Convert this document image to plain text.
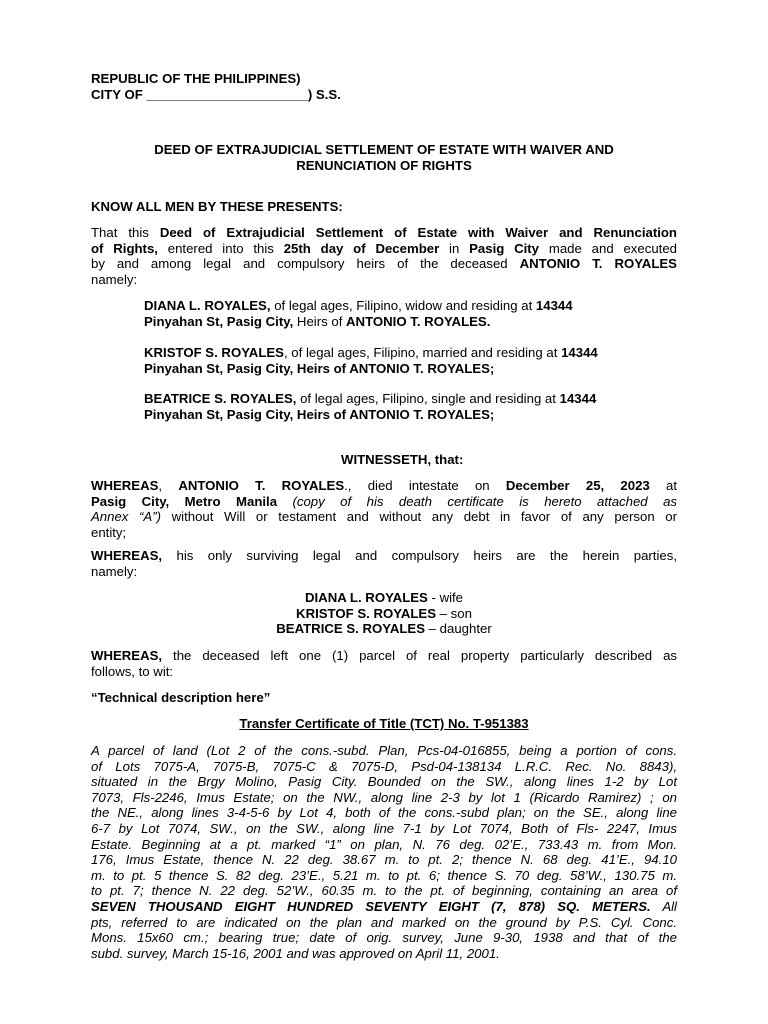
REPUBLIC OF THE PHILIPPINES)
CITY OF ______________________) S.S.
DEED OF EXTRAJUDICIAL SETTLEMENT OF ESTATE WITH WAIVER AND
RENUNCIATION OF RIGHTS
KNOW ALL MEN BY THESE PRESENTS:
That this Deed of Extrajudicial Settlement of Estate with Waiver and Renunciation
of Rights, entered into this 25th day of December in Pasig City made and executed
by and among legal and compulsory heirs of the deceased ANTONIO T. ROYALES
namely:
DIANA L. ROYALES, of legal ages, Filipino, widow and residing at 14344
Pinyahan St, Pasig City, Heirs of ANTONIO T. ROYALES.
KRISTOF S. ROYALES, of legal ages, Filipino, married and residing at 14344
Pinyahan St, Pasig City, Heirs of ANTONIO T. ROYALES;
BEATRICE S. ROYALES, of legal ages, Filipino, single and residing at 14344
Pinyahan St, Pasig City, Heirs of ANTONIO T. ROYALES;
WITNESSETH, that:
WHEREAS, ANTONIO T. ROYALES., died intestate on December 25, 2023 at
Pasig City, Metro Manila (copy of his death certificate is hereto attached as
Annex “A”) without Will or testament and without any debt in favor of any person or
entity;
WHEREAS, his only surviving legal and compulsory heirs are the herein parties,
namely:
DIANA L. ROYALES - wife
KRISTOF S. ROYALES – son
BEATRICE S. ROYALES – daughter
WHEREAS, the deceased left one (1) parcel of real property particularly described as
follows, to wit:
“Technical description here”
Transfer Certificate of Title (TCT) No. T-951383
A parcel of land (Lot 2 of the cons.-subd. Plan, Pcs-04-016855, being a portion of cons.
of Lots 7075-A, 7075-B, 7075-C & 7075-D, Psd-04-138134 L.R.C. Rec. No. 8843),
situated in the Brgy Molino, Pasig City. Bounded on the SW., along lines 1-2 by Lot
7073, Fls-2246, Imus Estate; on the NW., along line 2-3 by lot 1 (Ricardo Ramirez) ; on
the NE., along lines 3-4-5-6 by Lot 4, both of the cons.-subd plan; on the SE., along line
6-7 by Lot 7074, SW., on the SW., along line 7-1 by Lot 7074, Both of Fls- 2247, Imus
Estate. Beginning at a pt. marked “1” on plan, N. 76 deg. 02’E., 733.43 m. from Mon.
176, Imus Estate, thence N. 22 deg. 38.67 m. to pt. 2; thence N. 68 deg. 41’E., 94.10
m. to pt. 5 thence S. 82 deg. 23’E., 5.21 m. to pt. 6; thence S. 70 deg. 58’W., 130.75 m.
to pt. 7; thence N. 22 deg. 52’W., 60.35 m. to the pt. of beginning, containing an area of
SEVEN THOUSAND EIGHT HUNDRED SEVENTY EIGHT (7, 878) SQ. METERS. All
pts, referred to are indicated on the plan and marked on the ground by P.S. Cyl. Conc.
Mons. 15x60 cm.; bearing true; date of orig. survey, June 9-30, 1938 and that of the
subd. survey, March 15-16, 2001 and was approved on April 11, 2001.
